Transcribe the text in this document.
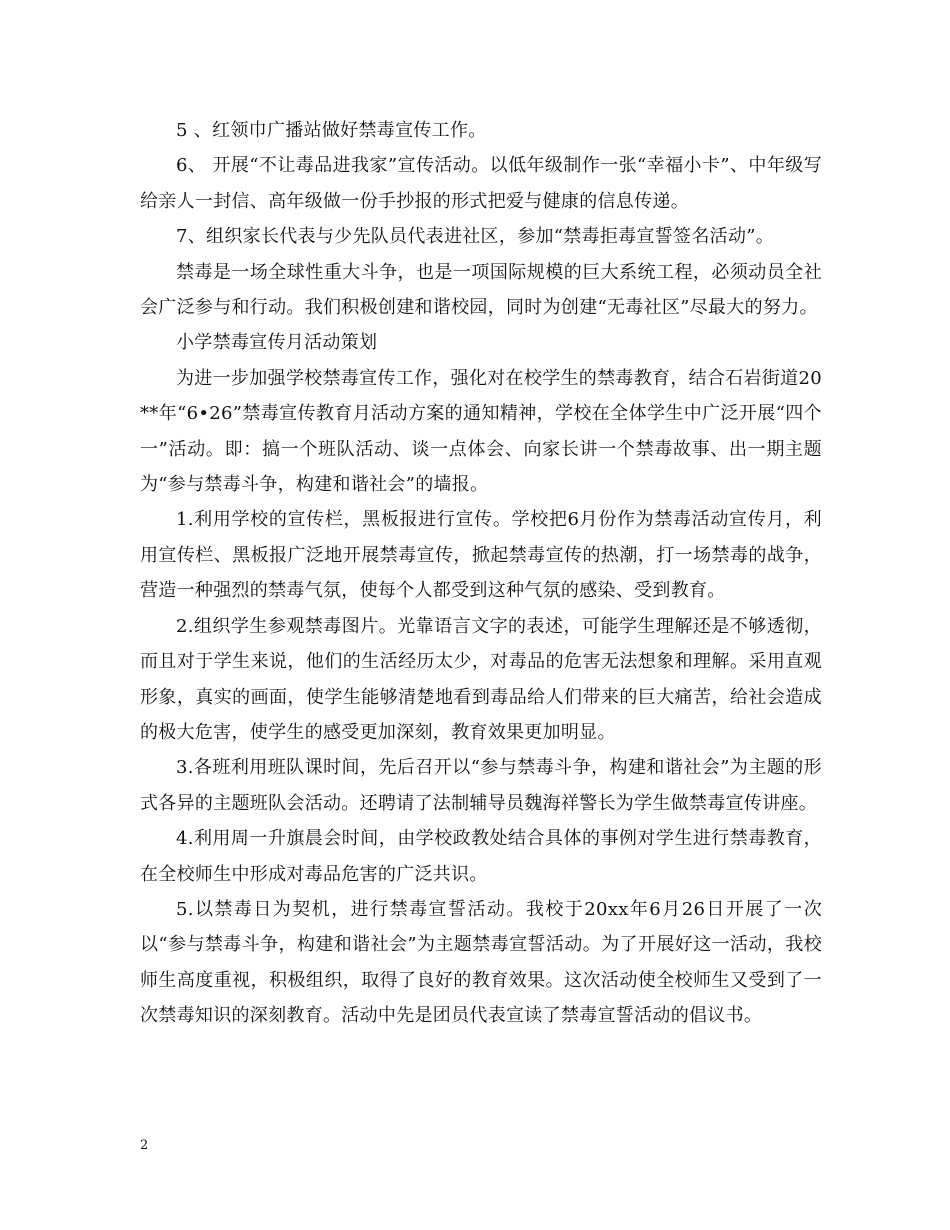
5 、红领巾广播站做好禁毒宣传工作。

6、 开展“不让毒品进我家”宣传活动。以低年级制作一张“幸福小卡”、中年级写给亲人一封信、高年级做一份手抄报的形式把爱与健康的信息传递。

7、组织家长代表与少先队员代表进社区，参加“禁毒拒毒宣誓签名活动”。

禁毒是一场全球性重大斗争，也是一项国际规模的巨大系统工程，必须动员全社会广泛参与和行动。我们积极创建和谐校园，同时为创建“无毒社区”尽最大的努力。

小学禁毒宣传月活动策划

为进一步加强学校禁毒宣传工作，强化对在校学生的禁毒教育，结合石岩街道20**年“6•26”禁毒宣传教育月活动方案的通知精神，学校在全体学生中广泛开展“四个一”活动。即：搞一个班队活动、谈一点体会、向家长讲一个禁毒故事、出一期主题为“参与禁毒斗争，构建和谐社会”的墙报。

1.利用学校的宣传栏，黑板报进行宣传。学校把6月份作为禁毒活动宣传月，利用宣传栏、黑板报广泛地开展禁毒宣传，掀起禁毒宣传的热潮，打一场禁毒的战争，营造一种强烈的禁毒气氛，使每个人都受到这种气氛的感染、受到教育。

2.组织学生参观禁毒图片。光靠语言文字的表述，可能学生理解还是不够透彻，而且对于学生来说，他们的生活经历太少，对毒品的危害无法想象和理解。采用直观形象，真实的画面，使学生能够清楚地看到毒品给人们带来的巨大痛苦，给社会造成的极大危害，使学生的感受更加深刻，教育效果更加明显。

3.各班利用班队课时间，先后召开以“参与禁毒斗争，构建和谐社会”为主题的形式各异的主题班队会活动。还聘请了法制辅导员魏海祥警长为学生做禁毒宣传讲座。

4.利用周一升旗晨会时间，由学校政教处结合具体的事例对学生进行禁毒教育，在全校师生中形成对毒品危害的广泛共识。

5.以禁毒日为契机，进行禁毒宣誓活动。我校于20xx年6月26日开展了一次以“参与禁毒斗争，构建和谐社会”为主题禁毒宣誓活动。为了开展好这一活动，我校师生高度重视，积极组织，取得了良好的教育效果。这次活动使全校师生又受到了一次禁毒知识的深刻教育。活动中先是团员代表宣读了禁毒宣誓活动的倡议书。

2
